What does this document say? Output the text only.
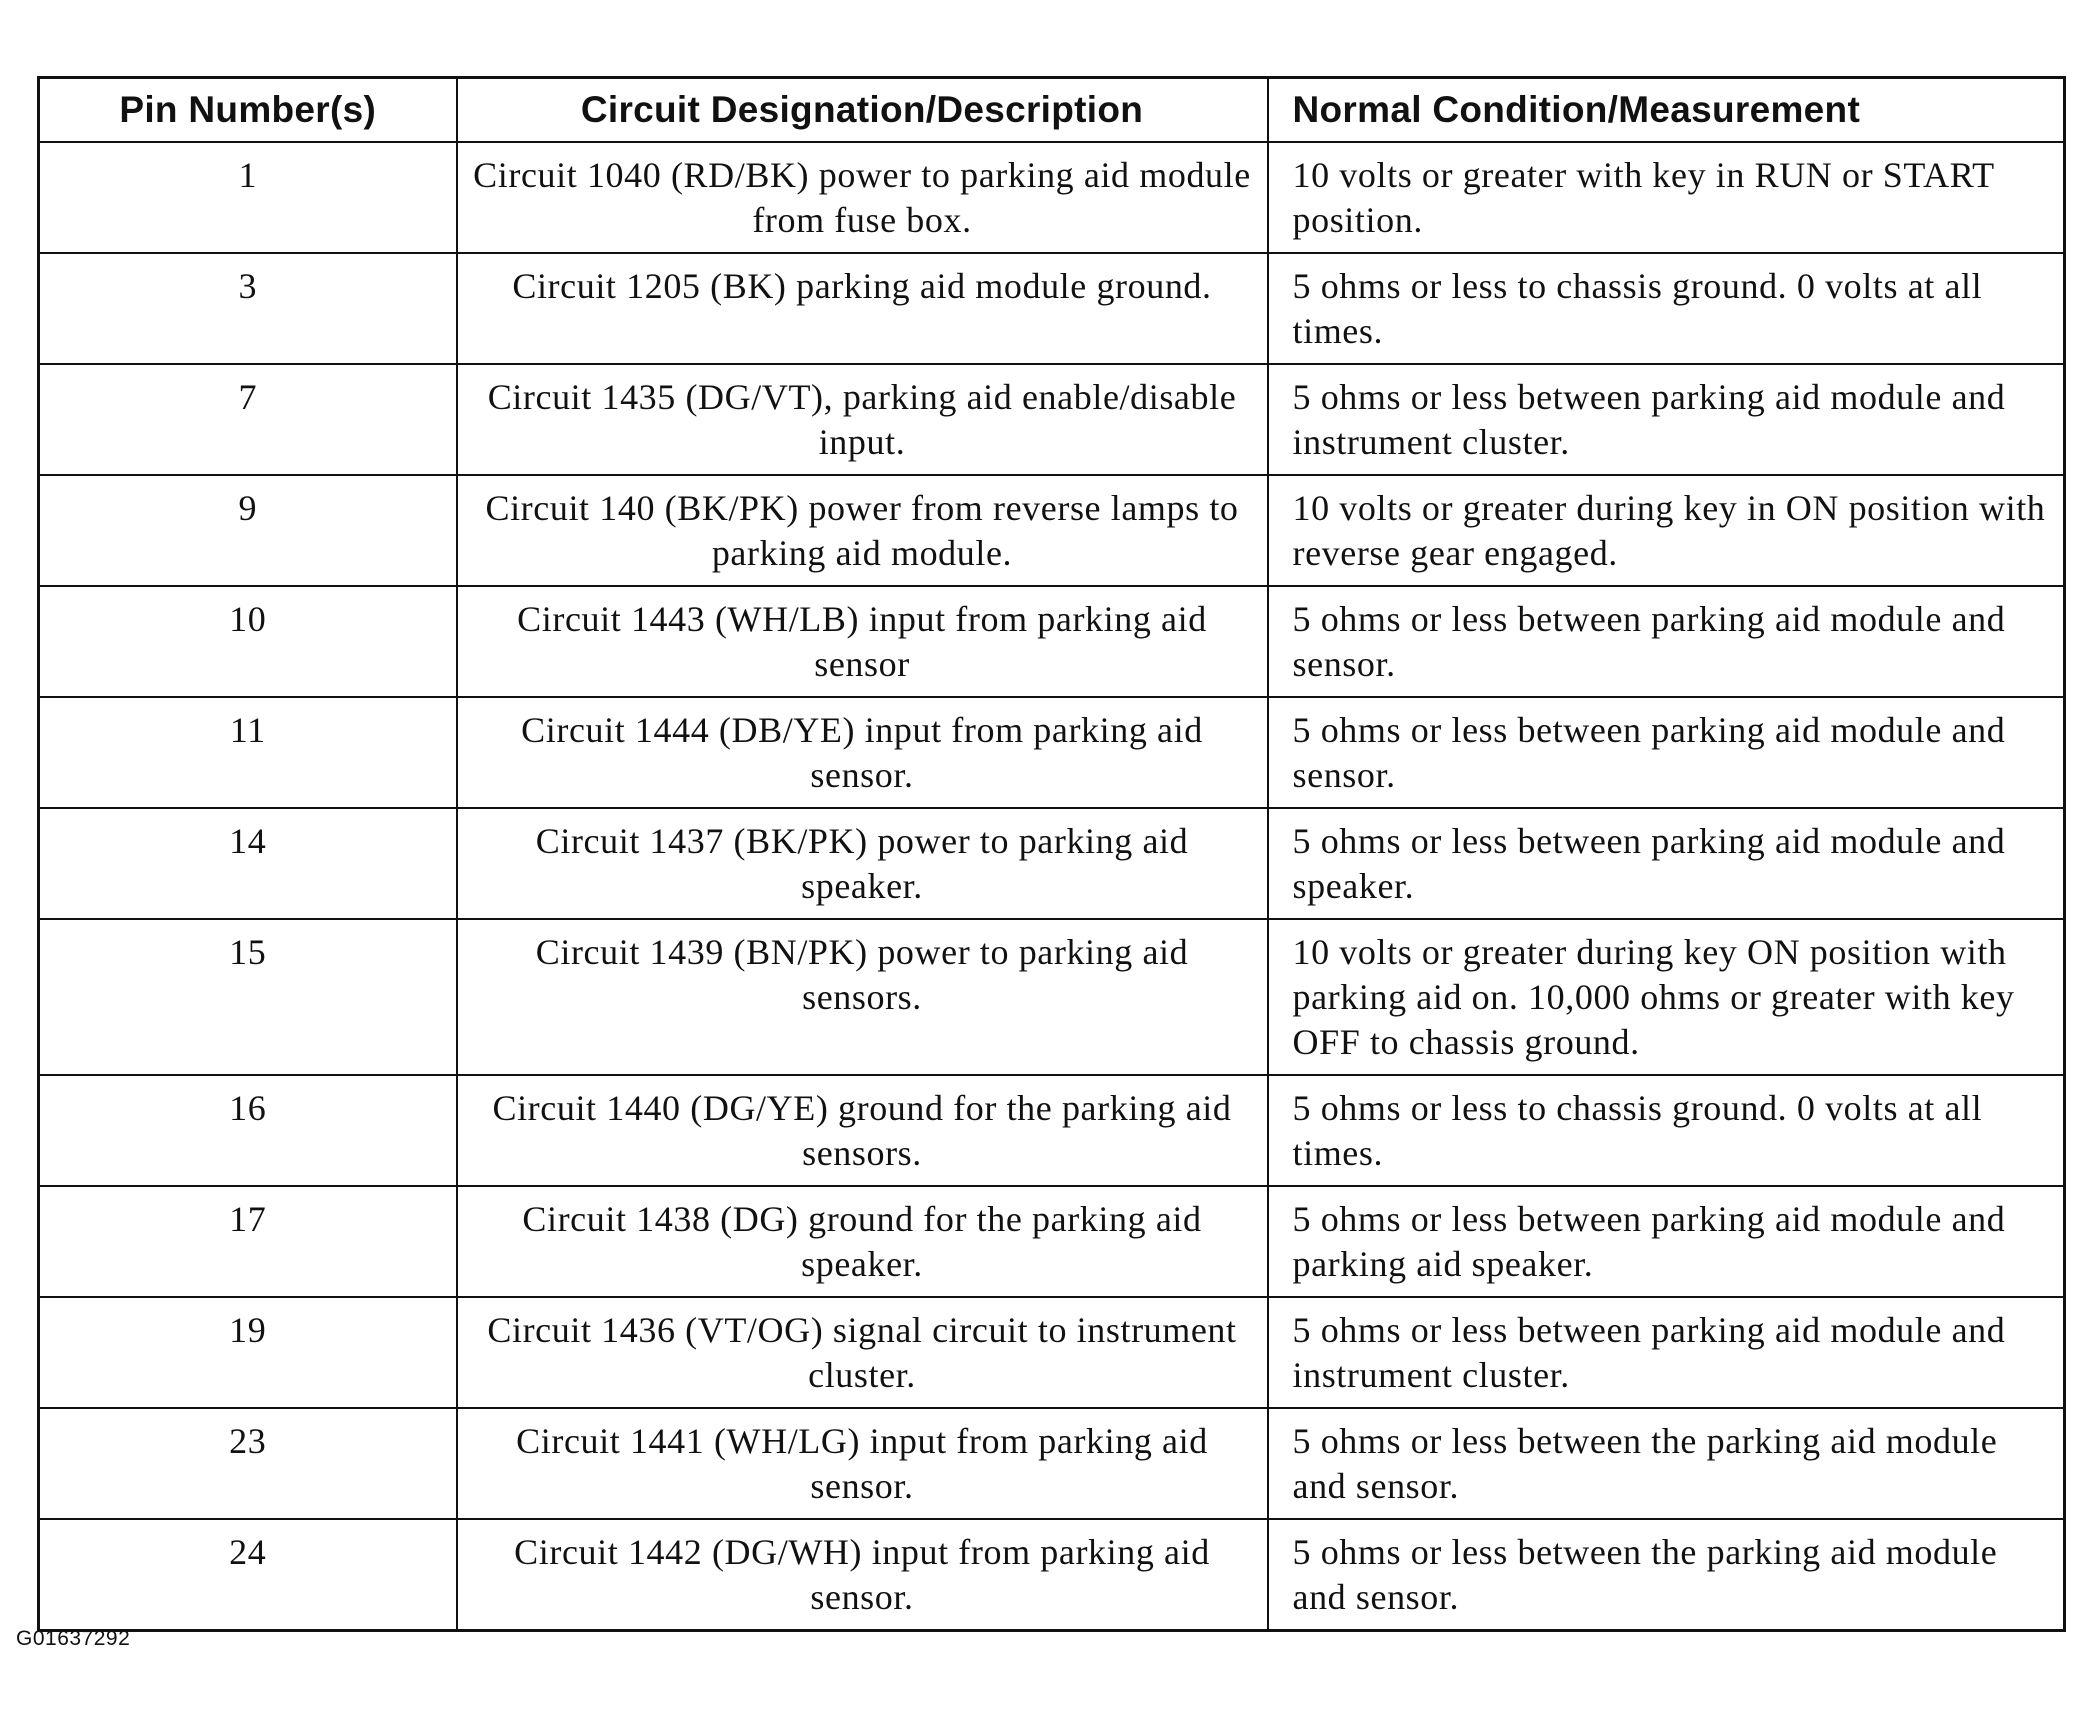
Pin Number(s)	Circuit Designation/Description	Normal Condition/Measurement
1	Circuit 1040 (RD/BK) power to parking aid module from fuse box.	10 volts or greater with key in RUN or START position.
3	Circuit 1205 (BK) parking aid module ground.	5 ohms or less to chassis ground. 0 volts at all times.
7	Circuit 1435 (DG/VT), parking aid enable/disable input.	5 ohms or less between parking aid module and instrument cluster.
9	Circuit 140 (BK/PK) power from reverse lamps to parking aid module.	10 volts or greater during key in ON position with reverse gear engaged.
10	Circuit 1443 (WH/LB) input from parking aid sensor	5 ohms or less between parking aid module and sensor.
11	Circuit 1444 (DB/YE) input from parking aid sensor.	5 ohms or less between parking aid module and sensor.
14	Circuit 1437 (BK/PK) power to parking aid speaker.	5 ohms or less between parking aid module and speaker.
15	Circuit 1439 (BN/PK) power to parking aid sensors.	10 volts or greater during key ON position with parking aid on. 10,000 ohms or greater with key OFF to chassis ground.
16	Circuit 1440 (DG/YE) ground for the parking aid sensors.	5 ohms or less to chassis ground. 0 volts at all times.
17	Circuit 1438 (DG) ground for the parking aid speaker.	5 ohms or less between parking aid module and parking aid speaker.
19	Circuit 1436 (VT/OG) signal circuit to instrument cluster.	5 ohms or less between parking aid module and instrument cluster.
23	Circuit 1441 (WH/LG) input from parking aid sensor.	5 ohms or less between the parking aid module and sensor.
24	Circuit 1442 (DG/WH) input from parking aid sensor.	5 ohms or less between the parking aid module and sensor.
G01637292
